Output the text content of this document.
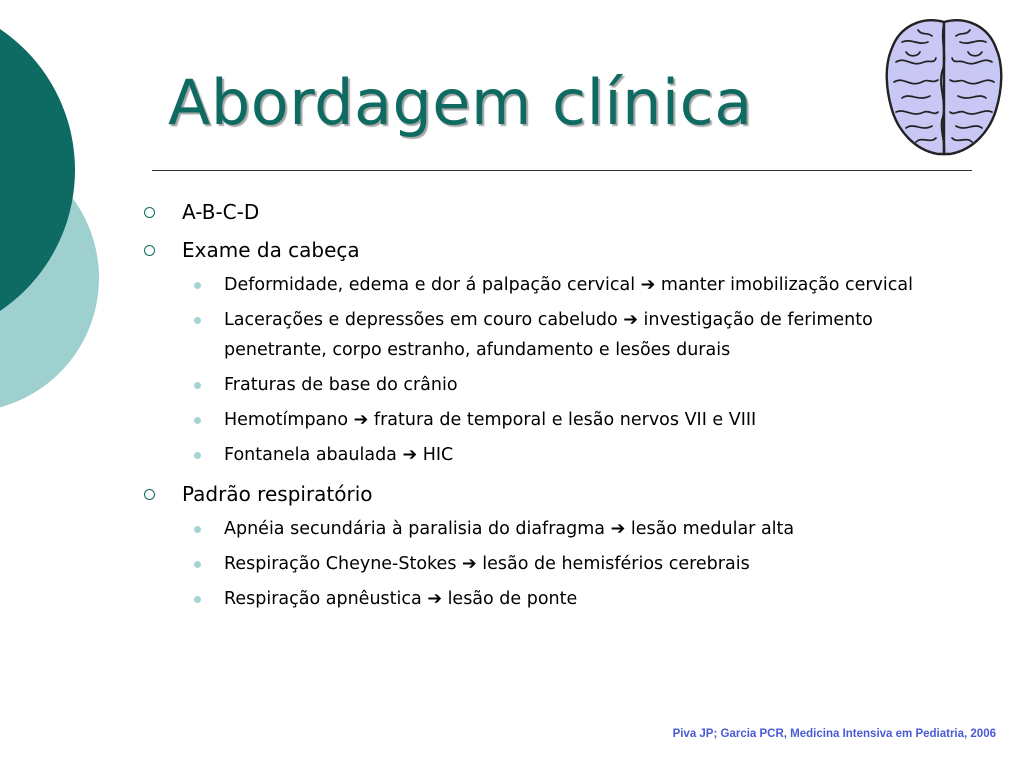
Abordagem clínica
A-B-C-D
Exame da cabeça
Deformidade, edema e dor á palpação cervical ➔ manter imobilização cervical
Lacerações e depressões em couro cabeludo ➔ investigação de ferimento penetrante, corpo estranho, afundamento e lesões durais
Fraturas de base do crânio
Hemotímpano ➔ fratura de temporal e lesão nervos VII e VIII
Fontanela abaulada ➔ HIC
Padrão respiratório
Apnéia secundária à paralisia do diafragma ➔ lesão medular alta
Respiração Cheyne-Stokes ➔ lesão de hemisférios cerebrais
Respiração apnêustica ➔ lesão de ponte
Piva JP; Garcia PCR, Medicina Intensiva em Pediatria, 2006
